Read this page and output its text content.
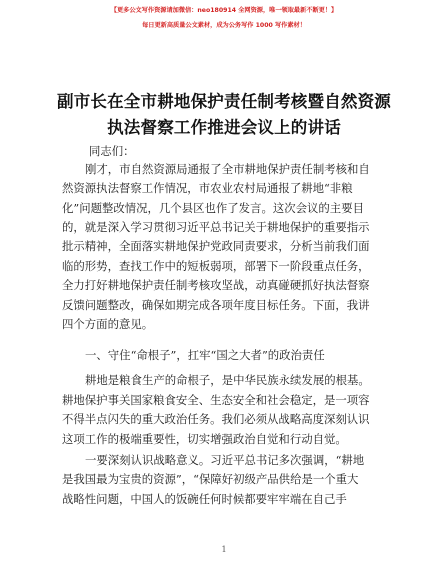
【更多公文写作资源请加微信：neo180914 全网资源，唯一领取最新不断更！】
每日更新高质量公文素材，成为公务写作 1000 写作素材！
副市长在全市耕地保护责任制考核暨自然资源
执法督察工作推进会议上的讲话
同志们：
刚才，市自然资源局通报了全市耕地保护责任制考核和自
然资源执法督察工作情况，市农业农村局通报了耕地“非粮
化”问题整改情况，几个县区也作了发言。这次会议的主要目
的，就是深入学习贯彻习近平总书记关于耕地保护的重要指示
批示精神，全面落实耕地保护党政同责要求，分析当前我们面
临的形势，查找工作中的短板弱项，部署下一阶段重点任务，
全力打好耕地保护责任制考核攻坚战，动真碰硬抓好执法督察
反馈问题整改，确保如期完成各项年度目标任务。下面，我讲
四个方面的意见。
一、守住“命根子”，扛牢“国之大者”的政治责任
耕地是粮食生产的命根子，是中华民族永续发展的根基。
耕地保护事关国家粮食安全、生态安全和社会稳定，是一项容
不得半点闪失的重大政治任务。我们必须从战略高度深刻认识
这项工作的极端重要性，切实增强政治自觉和行动自觉。
一要深刻认识战略意义。习近平总书记多次强调，“耕地
是我国最为宝贵的资源”，“保障好初级产品供给是一个重大
战略性问题，中国人的饭碗任何时候都要牢牢端在自己手
1
